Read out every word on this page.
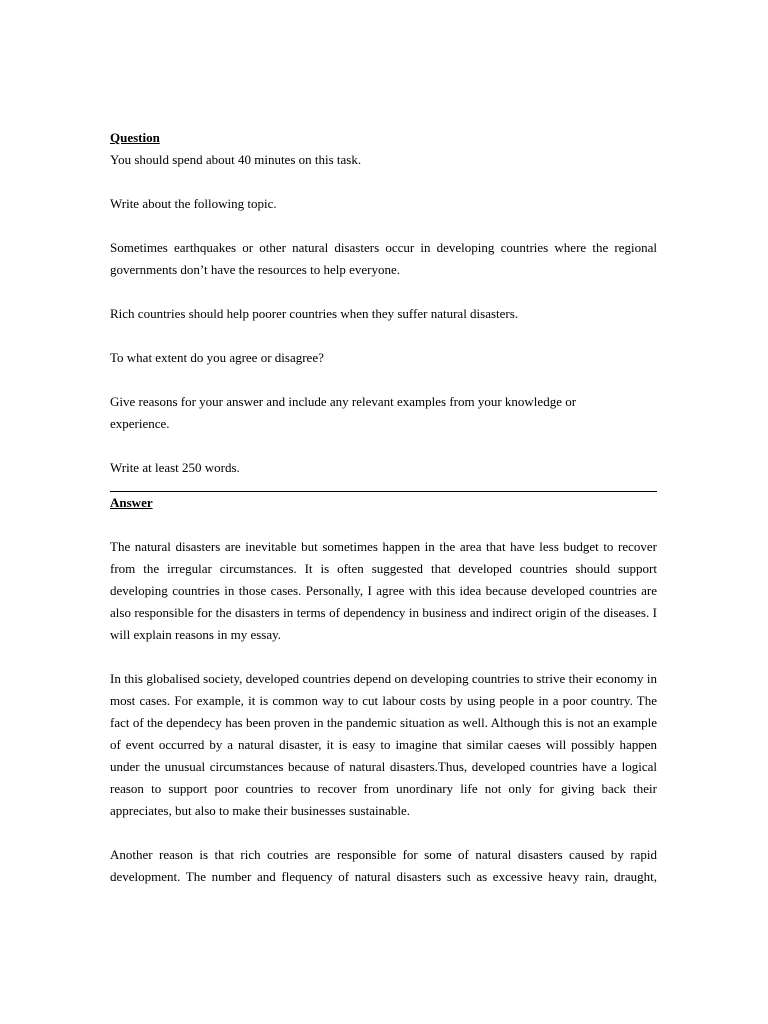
Question

You should spend about 40 minutes on this task.

Write about the following topic.

Sometimes earthquakes or other natural disasters occur in developing countries where the regional governments don’t have the resources to help everyone.

Rich countries should help poorer countries when they suffer natural disasters.

To what extent do you agree or disagree?

Give reasons for your answer and include any relevant examples from your knowledge or experience.

Write at least 250 words.

Answer

The natural disasters are inevitable but sometimes happen in the area that have less budget to recover from the irregular circumstances. It is often suggested that developed countries should support developing countries in those cases. Personally, I agree with this idea because developed countries are also responsible for the disasters in terms of dependency in business and indirect origin of the diseases. I will explain reasons in my essay.

In this globalised society, developed countries depend on developing countries to strive their economy in most cases. For example, it is common way to cut labour costs by using people in a poor country. The fact of the dependecy has been proven in the pandemic situation as well. Although this is not an example of event occurred by a natural disaster, it is easy to imagine that similar caeses will possibly happen under the unusual circumstances because of natural disasters.Thus, developed countries have a logical reason to support poor countries to recover from unordinary life not only for giving back their appreciates, but also to make their businesses sustainable.

Another reason is that rich coutries are responsible for some of natural disasters caused by rapid development. The number and flequency of natural disasters such as excessive heavy rain, draught,
